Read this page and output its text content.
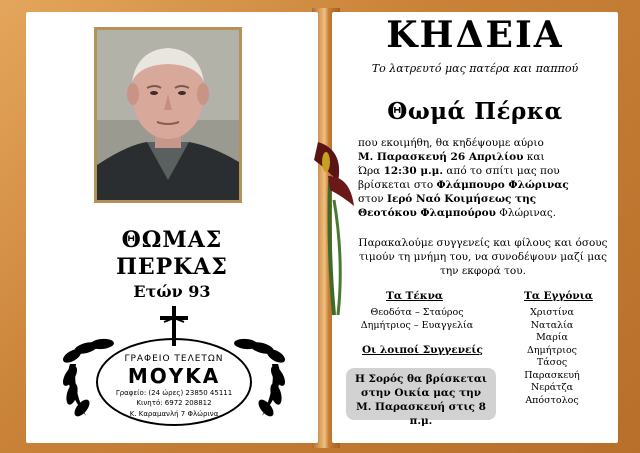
ΘΩΜΑΣ
ΠΕΡΚΑΣ
Ετών 93
ΓΡΑΦΕΙΟ ΤΕΛΕΤΩΝ
ΜΟΥΚΑ
Γραφείο: (24 ώρες) 23850 45111
Κινητό: 6972 208812
Κ. Καραμανλή 7 Φλώρινα
ΚΗΔΕΙΑ
Το λατρευτό μας πατέρα και παππού
Θωμά Πέρκα
που εκοιμήθη, θα κηδέψουμε αύριο
Μ. Παρασκευή 26 Απριλίου και
Ώρα 12:30 μ.μ. από το σπίτι μας που
βρίσκεται στο Φλάμπουρο Φλώρινας
στον Ιερό Ναό Κοιμήσεως της
Θεοτόκου Φλαμπούρου Φλώρινας.
Παρακαλούμε συγγενείς και φίλους και όσους τιμούν τη μνήμη του, να συνοδέψουν μαζί μας την εκφορά του.
Τα Τέκνα
Θεοδότα – Σταύρος
Δημήτριος – Ευαγγελία
Τα Εγγόνια
Χριστίνα
Ναταλία
Μαρία
Δημήτριος
Τάσος
Παρασκευή
Νεράτζα
Απόστολος
Οι λοιποί Συγγενείς
Η Σορός θα βρίσκεται στην Οικία μας την Μ. Παρασκευή στις 8 π.μ.
